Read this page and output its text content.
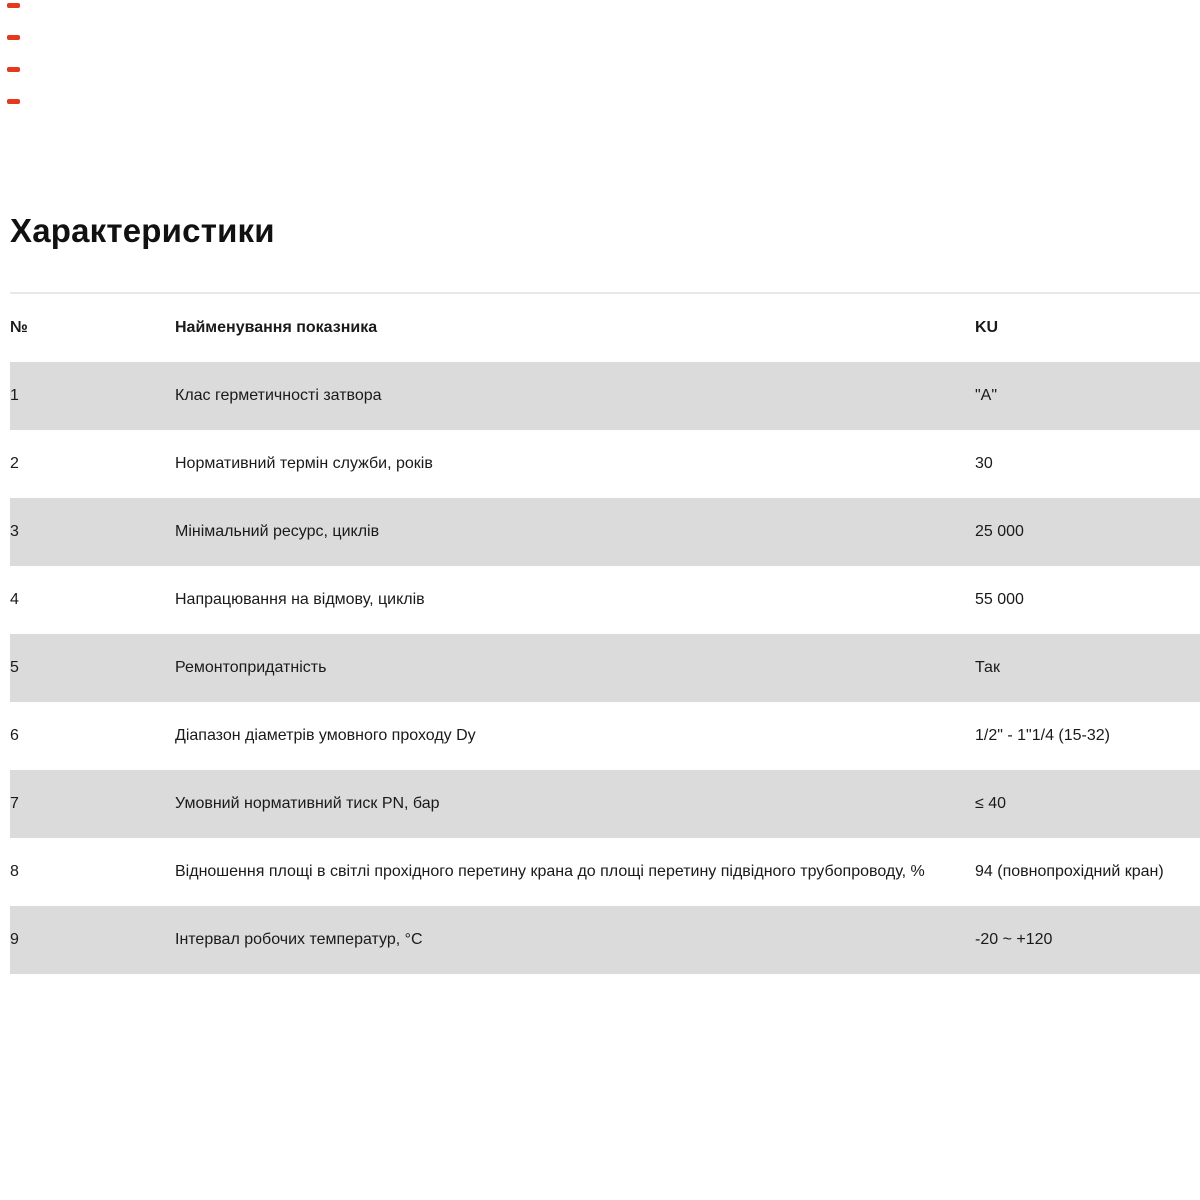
Характеристики
№	Найменування показника	KU
1	Клас герметичності затвора	"А"
2	Нормативний термін служби, років	30
3	Мінімальний ресурс, циклів	25 000
4	Напрацювання на відмову, циклів	55 000
5	Ремонтопридатність	Так
6	Діапазон діаметрів умовного проходу Dy	1/2" - 1"1/4 (15-32)
7	Умовний нормативний тиск PN, бар	≤ 40
8	Відношення площі в світлі прохідного перетину крана до площі перетину підвідного трубопроводу, %	94 (повнопрохідний кран)
9	Інтервал робочих температур, °С	-20 ~ +120
